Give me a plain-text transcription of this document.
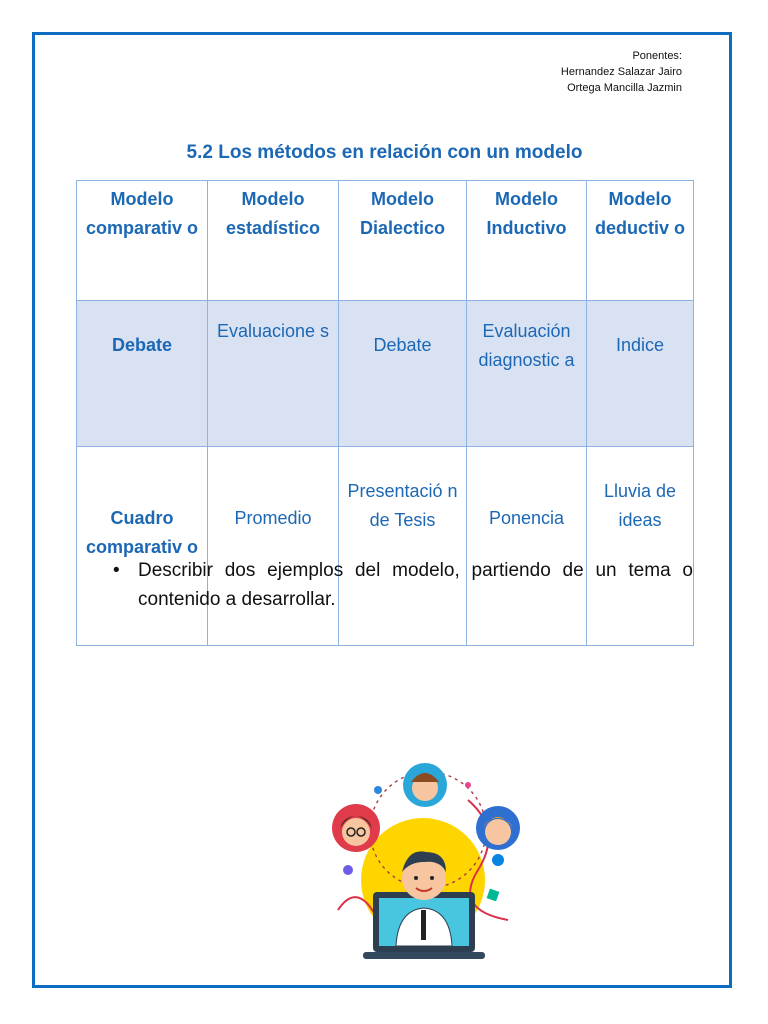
Ponentes:
Hernandez Salazar Jairo
Ortega Mancilla Jazmin
5.2 Los métodos en relación con un modelo
Modelo comparativ o	Modelo estadístico	Modelo Dialectico	Modelo Inductivo	Modelo deductiv o
Debate	Evaluacione s	Debate	Evaluación diagnostic a	Indice
Cuadro comparativ o	Promedio	Presentació n de Tesis	Ponencia	Lluvia de ideas
• Describir dos ejemplos del modelo, partiendo de un tema o contenido a desarrollar.
